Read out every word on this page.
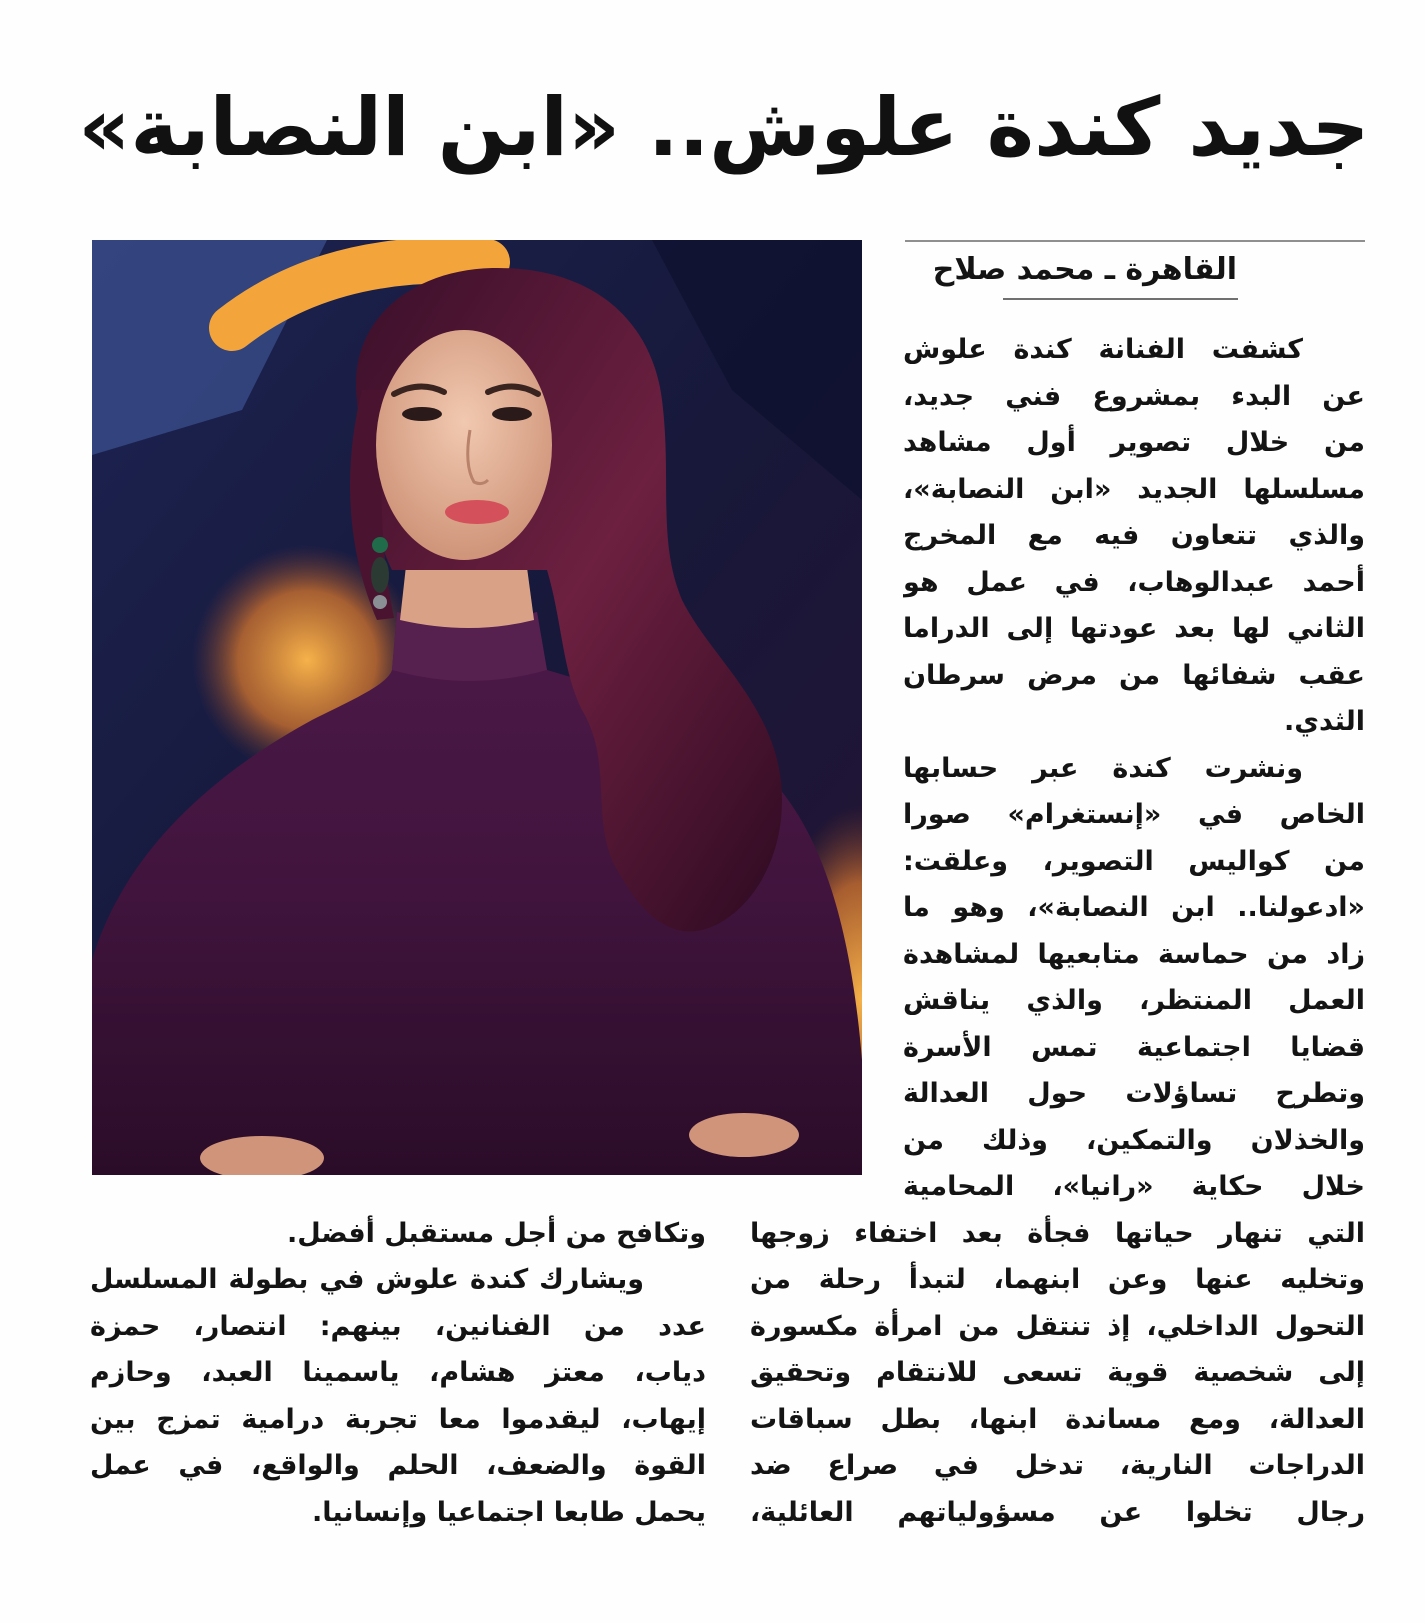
جديد كندة علوش.. «ابن النصابة»
القاهرة ـ محمد صلاح
كشفت الفنانة كندة علوش
عن البدء بمشروع فني جديد،
من خلال تصوير أول مشاهد
مسلسلها الجديد «ابن النصابة»،
والذي تتعاون فيه مع المخرج
أحمد عبدالوهاب، في عمل هو
الثاني لها بعد عودتها إلى الدراما
عقب شفائها من مرض سرطان
الثدي.
ونشرت كندة عبر حسابها
الخاص في «إنستغرام» صورا
من كواليس التصوير، وعلقت:
«ادعولنا.. ابن النصابة»، وهو ما
زاد من حماسة متابعيها لمشاهدة
العمل المنتظر، والذي يناقش
قضايا اجتماعية تمس الأسرة
وتطرح تساؤلات حول العدالة
والخذلان والتمكين، وذلك من
خلال حكاية «رانيا»، المحامية
التي تنهار حياتها فجأة بعد اختفاء زوجها
وتخليه عنها وعن ابنهما، لتبدأ رحلة من
التحول الداخلي، إذ تنتقل من امرأة مكسورة
إلى شخصية قوية تسعى للانتقام وتحقيق
العدالة، ومع مساندة ابنها، بطل سباقات
الدراجات النارية، تدخل في صراع ضد
رجال تخلوا عن مسؤولياتهم العائلية،
وتكافح من أجل مستقبل أفضل.
ويشارك كندة علوش في بطولة المسلسل
عدد من الفنانين، بينهم: انتصار، حمزة
دياب، معتز هشام، ياسمينا العبد، وحازم
إيهاب، ليقدموا معا تجربة درامية تمزج بين
القوة والضعف، الحلم والواقع، في عمل
يحمل طابعا اجتماعيا وإنسانيا.
